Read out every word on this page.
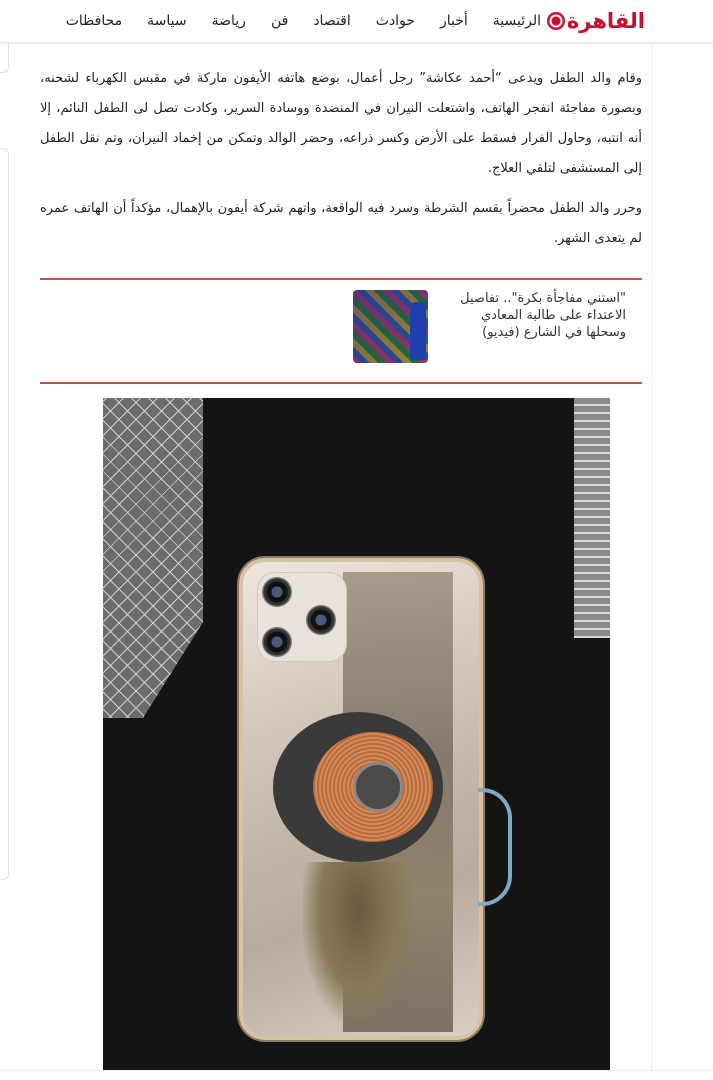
القاهرة
الرئيسية
أخبار
حوادث
اقتصاد
فن
رياضة
سياسة
محافظات

وقام والد الطفل ويدعى “أحمد عكاشة” رجل أعمال، بوضع هاتفه الأيفون ماركة في مقبس الكهرباء لشحنه، وبصورة مفاجئة انفجر الهاتف، واشتعلت النيران في المنضدة ووسادة السرير، وكادت تصل لى الطفل النائم، إلا أنه انتبه، وحاول الفرار فسقط على الأرض وكسر ذراعه، وحضر الوالد وتمكن من إخماد النيران، وتم نقل الطفل إلى المستشفى لتلقي العلاج.

وحرر والد الطفل محضراً بقسم الشرطة وسرد فيه الواقعة، واتهم شركة أيفون بالإهمال، مؤكداً أن الهاتف عمره لم يتعدى الشهر.

"استني مفاجأة بكرة".. تفاصيل الاعتداء على طالبة المعادي وسحلها في الشارع (فيديو)
